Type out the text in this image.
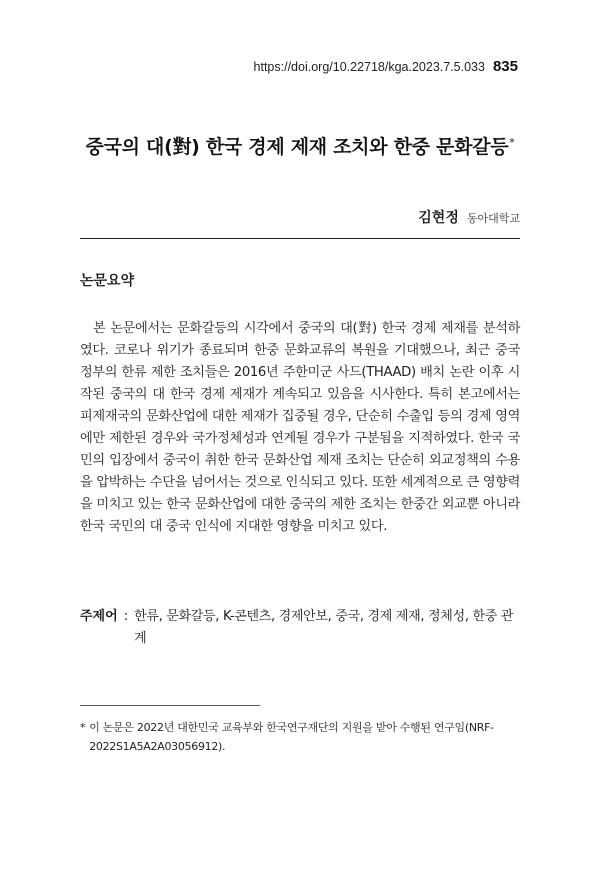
https://doi.org/10.22718/kga.2023.7.5.033 835
중국의 대(對) 한국 경제 제재 조치와 한중 문화갈등*
김현정 동아대학교
논문요약

본 논문에서는 문화갈등의 시각에서 중국의 대(對) 한국 경제 제재를 분석하였다. 코로나 위기가 종료되며 한중 문화교류의 복원을 기대했으나, 최근 중국 정부의 한류 제한 조치들은 2016년 주한미군 사드(THAAD) 배치 논란 이후 시작된 중국의 대 한국 경제 제재가 계속되고 있음을 시사한다. 특히 본고에서는 피제재국의 문화산업에 대한 제재가 집중될 경우, 단순히 수출입 등의 경제 영역에만 제한된 경우와 국가정체성과 연계될 경우가 구분됨을 지적하였다. 한국 국민의 입장에서 중국이 취한 한국 문화산업 제재 조치는 단순히 외교정책의 수용을 압박하는 수단을 넘어서는 것으로 인식되고 있다. 또한 세계적으로 큰 영향력을 미치고 있는 한국 문화산업에 대한 중국의 제한 조치는 한중간 외교뿐 아니라 한국 국민의 대 중국 인식에 지대한 영향을 미치고 있다.

주제어 : 한류, 문화갈등, K-콘텐츠, 경제안보, 중국, 경제 제재, 정체성, 한중 관계
* 이 논문은 2022년 대한민국 교육부와 한국연구재단의 지원을 받아 수행된 연구임(NRF-2022S1A5A2A03056912).
